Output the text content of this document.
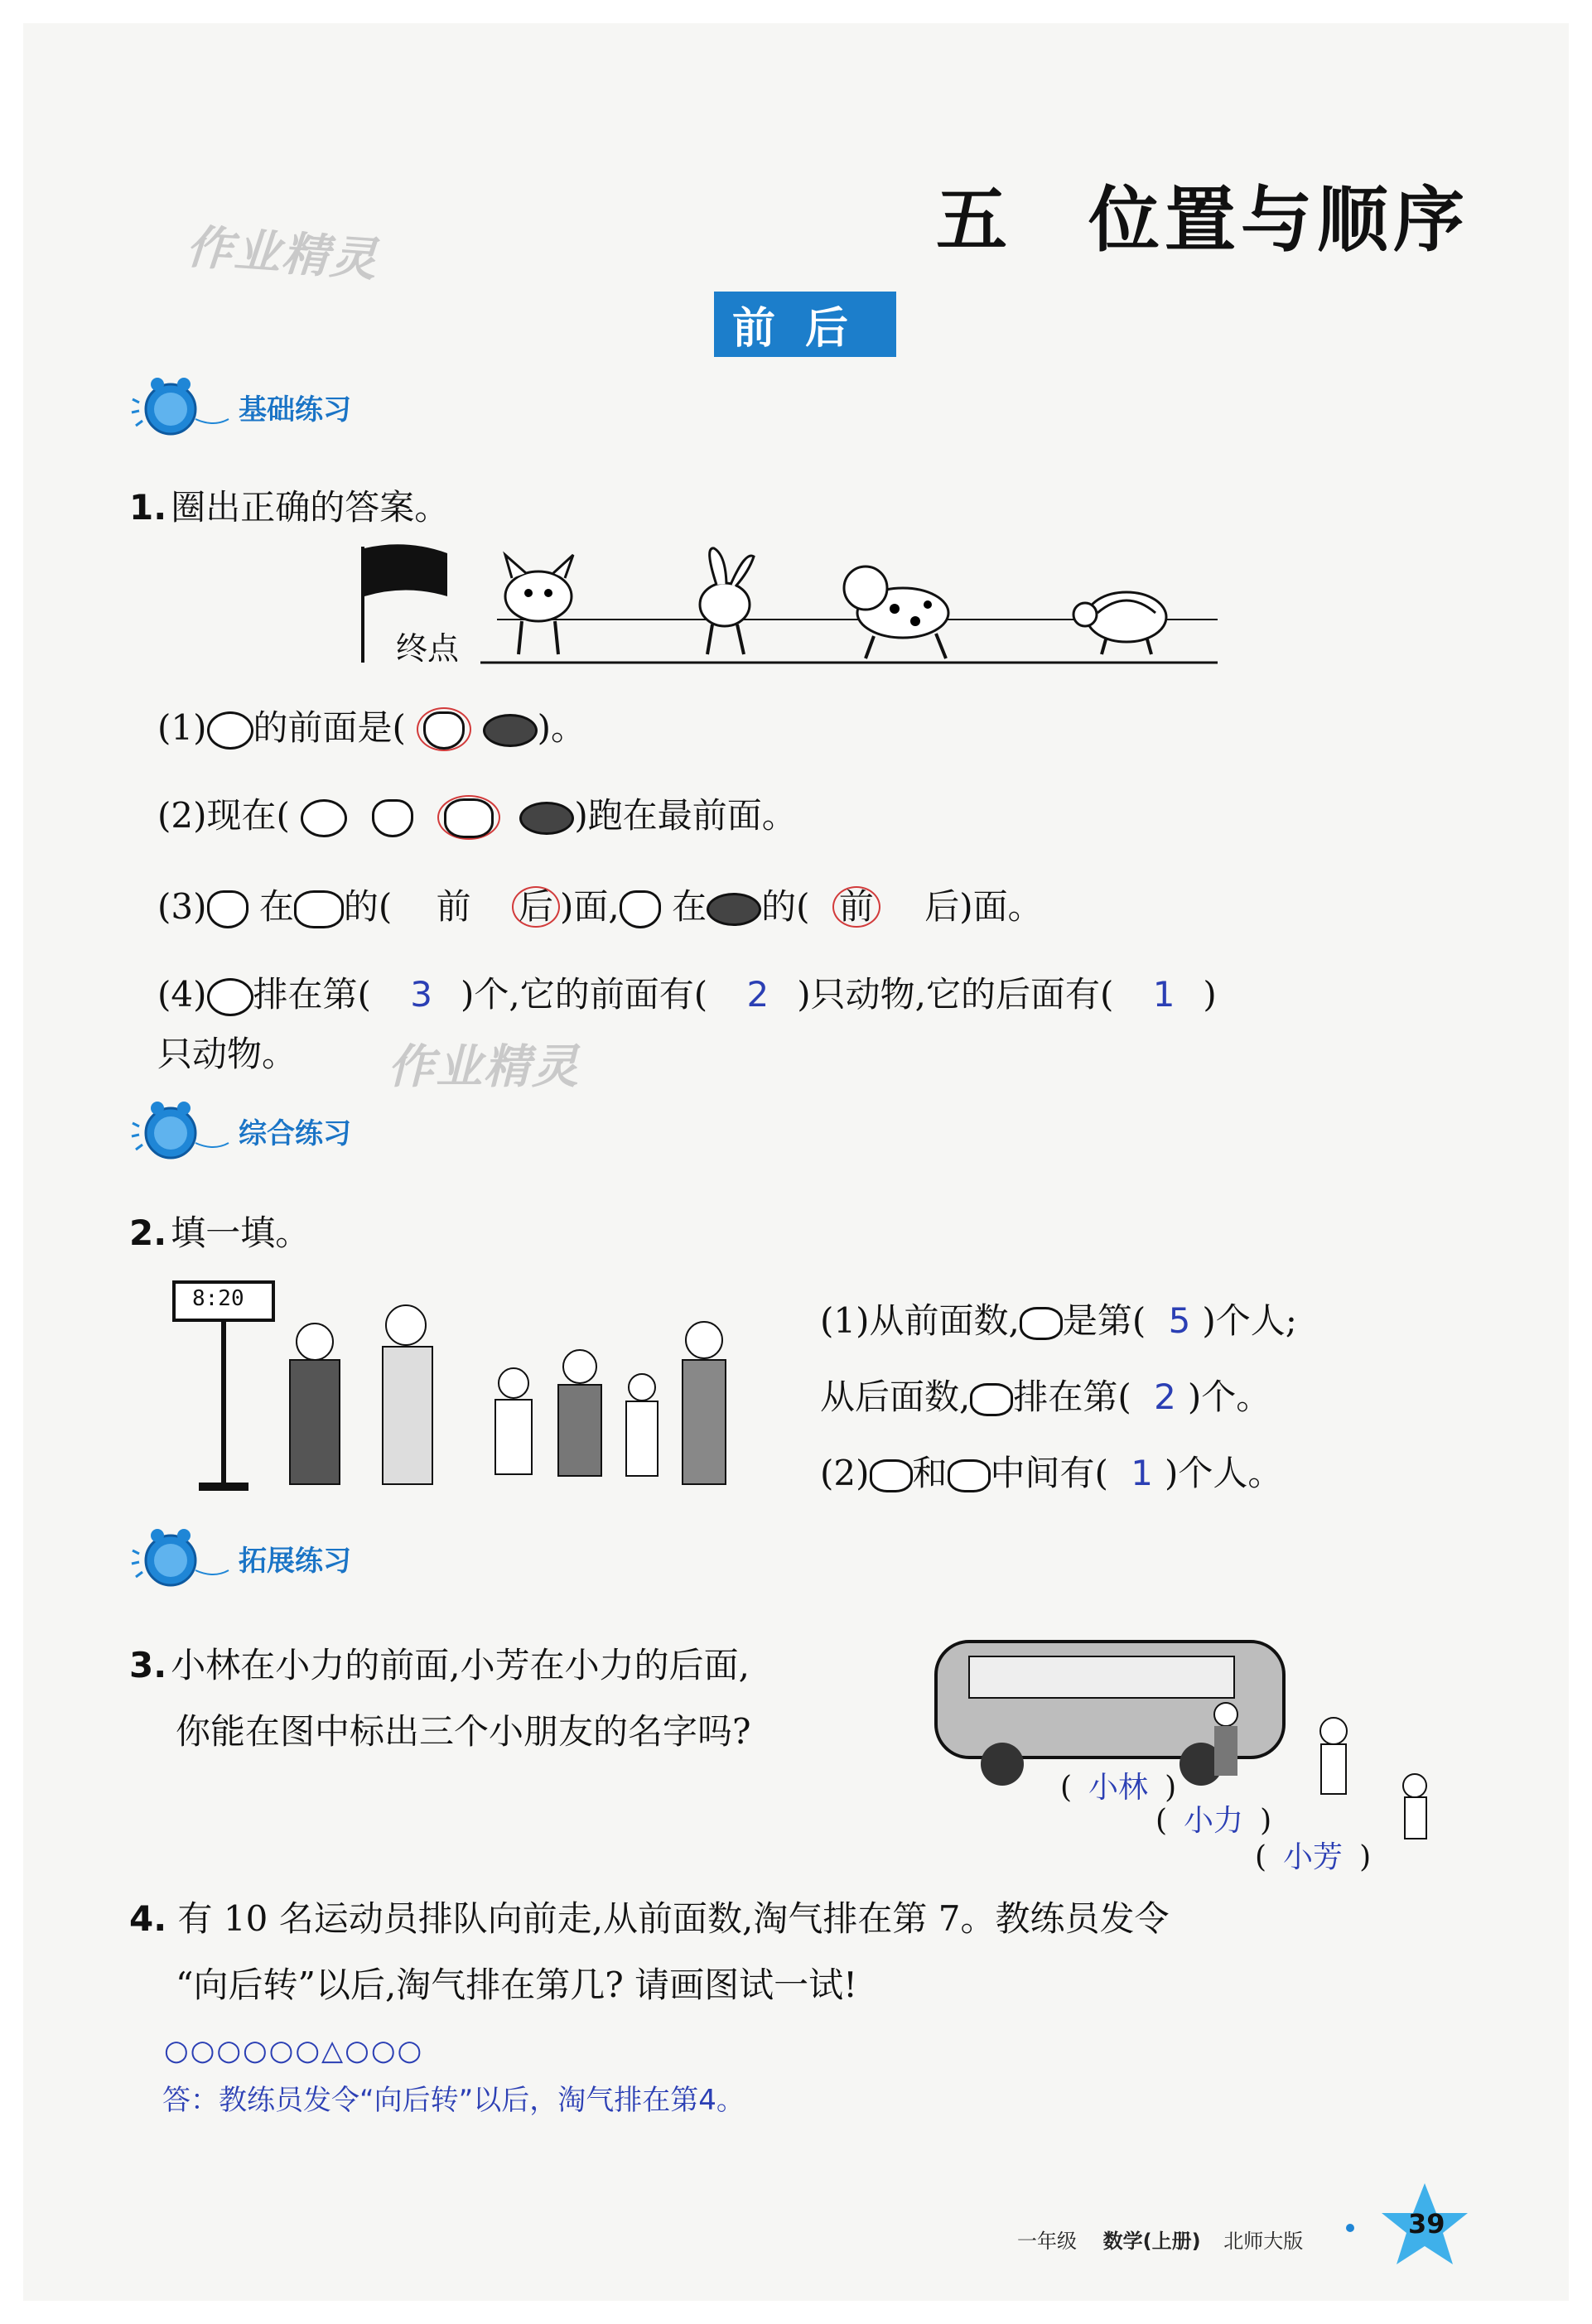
五　位置与顺序
作业精灵
前后
基础练习
1. 圈出正确的答案。
终点
(1) 的前面是(	)。
(2)现在(	)跑在最前面。
(3) 在 的( 前 后 )面, 在 的( 前 后)面。
(4) 排在第( 3 )个,它的前面有( 2 )只动物,它的后面有( 1 )
只动物。 作业精灵
综合练习
2. 填一填。
8:20
(1)从前面数, 是第( 5 )个人;
从后面数, 排在第( 2 )个。
(2) 和 中间有( 1 )个人。
拓展练习
3. 小林在小力的前面,小芳在小力的后面,
你能在图中标出三个小朋友的名字吗?
( 小林 )
( 小力 )
( 小芳 )
4. 有 10 名运动员排队向前走,从前面数,淘气排在第 7。教练员发令
“向后转”以后,淘气排在第几? 请画图试一试!
○○○○○○△○○○
答：教练员发令“向后转”以后，淘气排在第4。
一年级 数学(上册) 北师大版
39
